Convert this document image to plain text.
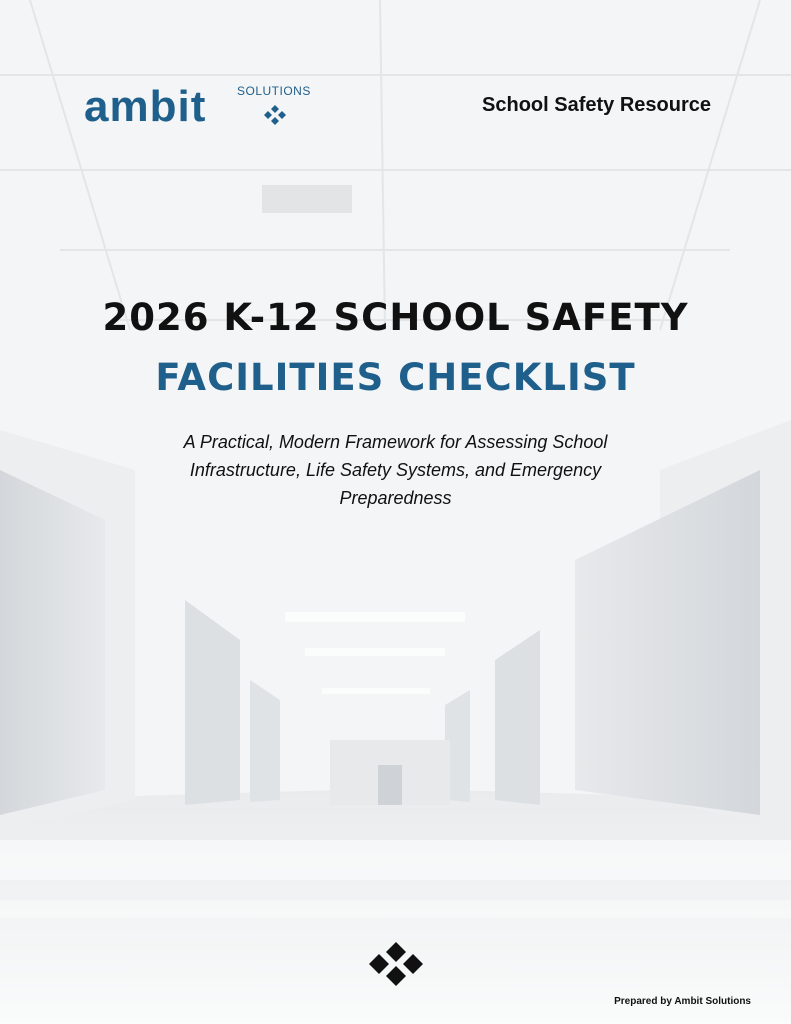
ambit	SOLUTIONS
School Safety Resource
2026 K-12 SCHOOL SAFETY
FACILITIES CHECKLIST
A Practical, Modern Framework for Assessing School Infrastructure, Life Safety Systems, and Emergency Preparedness
Prepared by Ambit Solutions
